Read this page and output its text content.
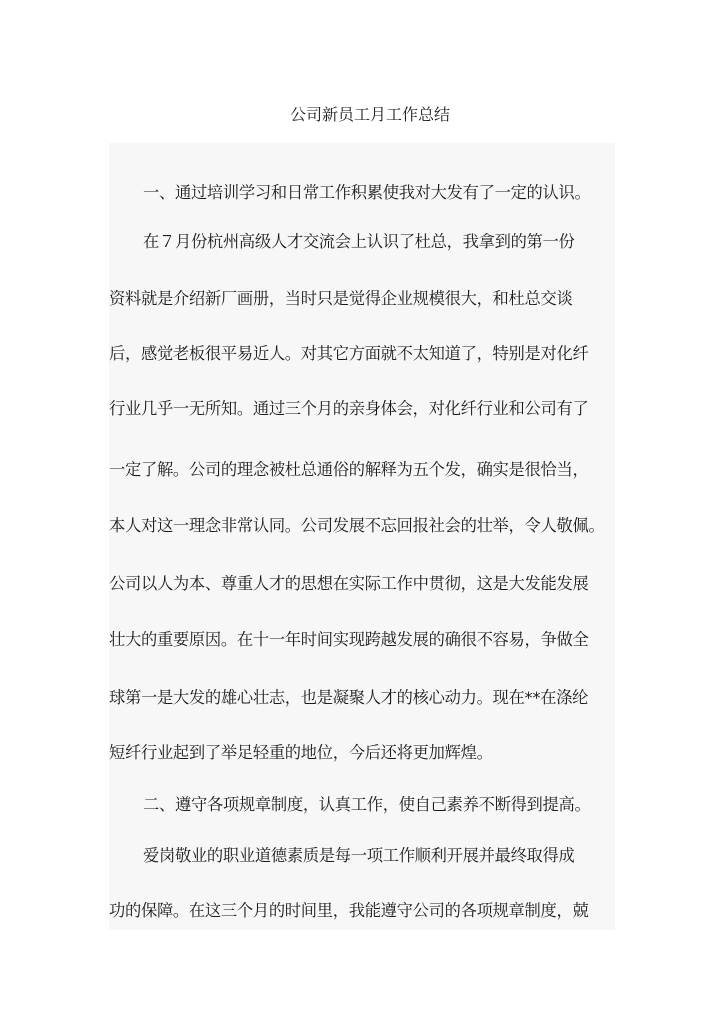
公司新员工月工作总结
一、通过培训学习和日常工作积累使我对大发有了一定的认识。
在７月份杭州高级人才交流会上认识了杜总，我拿到的第一份
资料就是介绍新厂画册，当时只是觉得企业规模很大，和杜总交谈
后，感觉老板很平易近人。对其它方面就不太知道了，特别是对化纤
行业几乎一无所知。通过三个月的亲身体会，对化纤行业和公司有了
一定了解。公司的理念被杜总通俗的解释为五个发，确实是很恰当，
本人对这一理念非常认同。公司发展不忘回报社会的壮举，令人敬佩。
公司以人为本、尊重人才的思想在实际工作中贯彻，这是大发能发展
壮大的重要原因。在十一年时间实现跨越发展的确很不容易，争做全
球第一是大发的雄心壮志，也是凝聚人才的核心动力。现在**在涤纶
短纤行业起到了举足轻重的地位，今后还将更加辉煌。
二、遵守各项规章制度，认真工作，使自己素养不断得到提高。
爱岗敬业的职业道德素质是每一项工作顺利开展并最终取得成
功的保障。在这三个月的时间里，我能遵守公司的各项规章制度，兢
